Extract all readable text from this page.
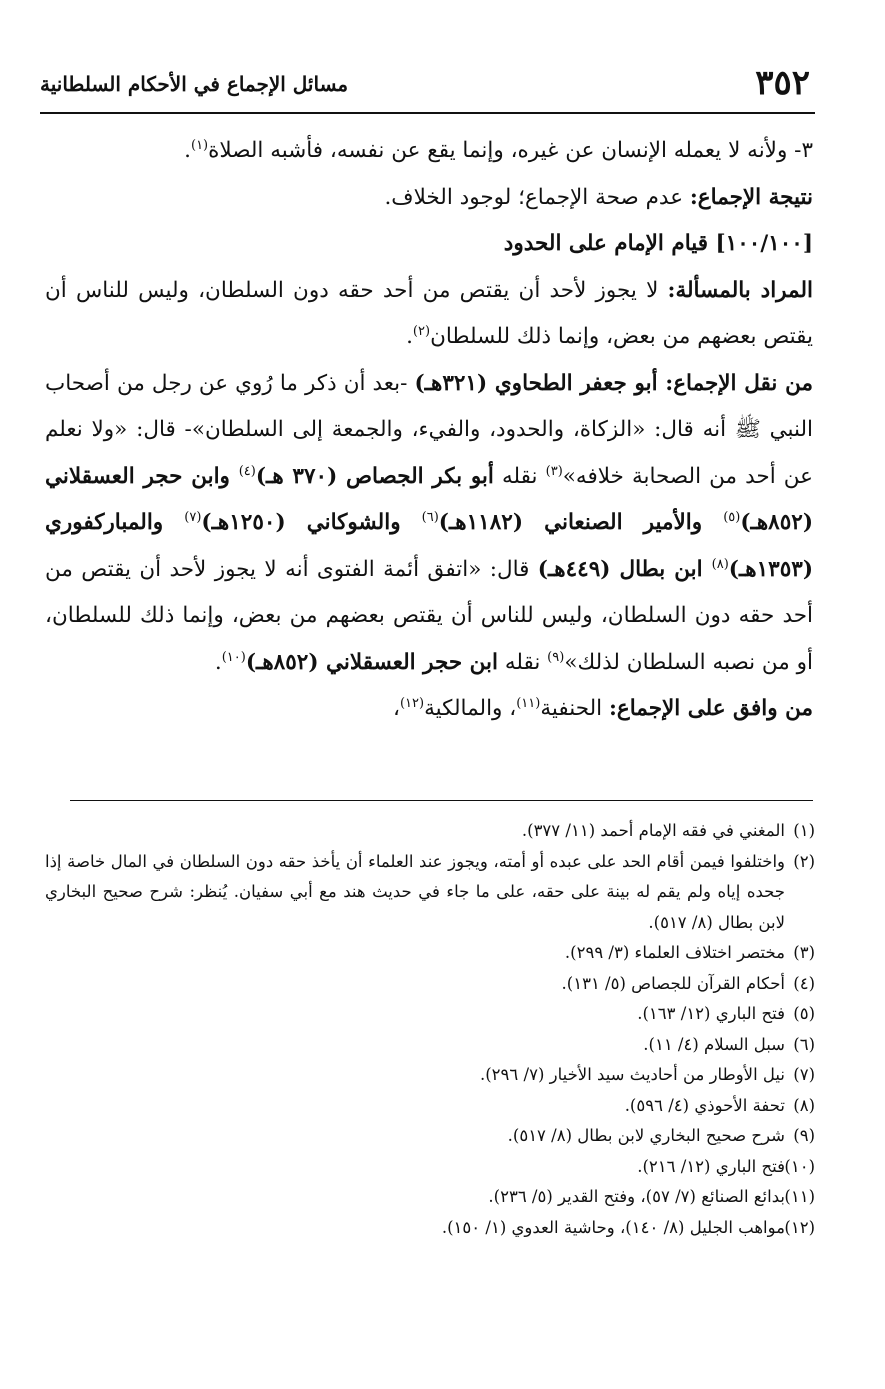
٣٥٢
مسائل الإجماع في الأحكام السلطانية

٣- ولأنه لا يعمله الإنسان عن غيره، وإنما يقع عن نفسه، فأشبه الصلاة$^{(١)}$.

نتيجة الإجماع: عدم صحة الإجماع؛ لوجود الخلاف.

[١٠٠/١٠٠] قيام الإمام على الحدود

المراد بالمسألة: لا يجوز لأحد أن يقتص من أحد حقه دون السلطان، وليس للناس أن يقتص بعضهم من بعض، وإنما ذلك للسلطان$^{(٢)}$.

من نقل الإجماع: أبو جعفر الطحاوي (٣٢١هـ) -بعد أن ذكر ما رُوي عن رجل من أصحاب النبي ﷺ أنه قال: «الزكاة، والحدود، والفيء، والجمعة إلى السلطان»- قال: «ولا نعلم عن أحد من الصحابة خلافه»$^{(٣)}$ نقله أبو بكر الجصاص (٣٧٠ هـ)$^{(٤)}$ وابن حجر العسقلاني (٨٥٢هـ)$^{(٥)}$ والأمير الصنعاني (١١٨٢هـ)$^{(٦)}$ والشوكاني (١٢٥٠هـ)$^{(٧)}$ والمباركفوري (١٣٥٣هـ)$^{(٨)}$ ابن بطال (٤٤٩هـ) قال: «اتفق أئمة الفتوى أنه لا يجوز لأحد أن يقتص من أحد حقه دون السلطان، وليس للناس أن يقتص بعضهم من بعض، وإنما ذلك للسلطان، أو من نصبه السلطان لذلك»$^{(٩)}$ نقله ابن حجر العسقلاني (٨٥٢هـ)$^{(١٠)}$.

من وافق على الإجماع: الحنفية$^{(١١)}$، والمالكية$^{(١٢)}$،

(١)
المغني في فقه الإمام أحمد (١١/ ٣٧٧).
(٢)
واختلفوا فيمن أقام الحد على عبده أو أمته، ويجوز عند العلماء أن يأخذ حقه دون السلطان في المال خاصة إذا جحده إياه ولم يقم له بينة على حقه، على ما جاء في حديث هند مع أبي سفيان. يُنظر: شرح صحيح البخاري لابن بطال (٨/ ٥١٧).
(٣)
مختصر اختلاف العلماء (٣/ ٢٩٩).
(٤)
أحكام القرآن للجصاص (٥/ ١٣١).
(٥)
فتح الباري (١٢/ ١٦٣).
(٦)
سبل السلام (٤/ ١١).
(٧)
نيل الأوطار من أحاديث سيد الأخيار (٧/ ٢٩٦).
(٨)
تحفة الأحوذي (٤/ ٥٩٦).
(٩)
شرح صحيح البخاري لابن بطال (٨/ ٥١٧).
(١٠)
فتح الباري (١٢/ ٢١٦).
(١١)
بدائع الصنائع (٧/ ٥٧)، وفتح القدير (٥/ ٢٣٦).
(١٢)
مواهب الجليل (٨/ ١٤٠)، وحاشية العدوي (١/ ١٥٠).
